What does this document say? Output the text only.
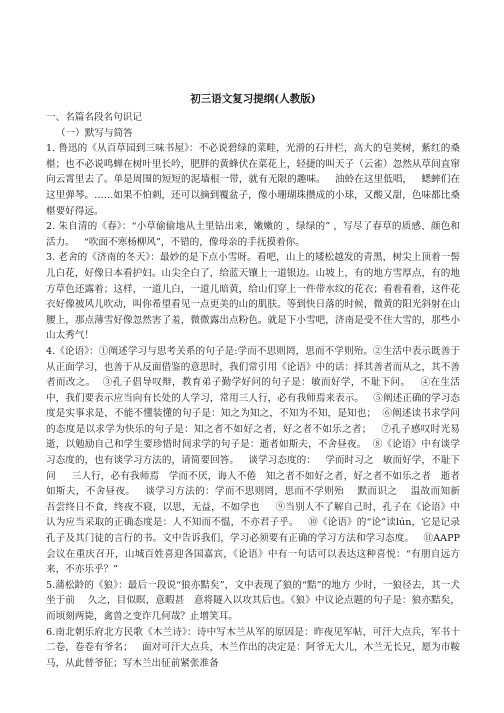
初三语文复习提纲(人教版)
一、名篇名段名句识记
（一）默写与简答

1. 鲁迅的《从百草园到三味书屋》：不必说碧绿的菜畦，光滑的石井栏，高大的皂荚树，紫红的桑椹；也不必说鸣蝉在树叶里长吟，肥胖的黄蜂伏在菜花上，轻捷的叫天子（云雀）忽然从草间直窜向云霄里去了。单是周围的短短的泥墙根一带，就有无限的趣味。   油蛉在这里低唱，   蟋蟀们在这里弹琴。……如果不怕刺，还可以摘到覆盆子，像小珊瑚珠攒成的小球，又酸又甜，色味都比桑椹要好得远。

2. 朱自清的《春》：“小草偷偷地从土里钻出来，嫩嫩的 ，绿绿的” ，写尽了春草的质感、颜色和活力。   “吹面不寒杨柳风”，不错的，像母亲的手抚摸着你。

3. 老舍的《济南的冬天》：最妙的是下点小雪呀。看吧，山上的矮松越发的青黑，树尖上顶着一髻儿白花，好像日本看护妇。山尖全白了，给蓝天镶上一道银边。山坡上，有的地方雪厚点，有的地方草色还露着；这样，一道儿白，一道儿暗黄，给山们穿上一件带水纹的花衣；看着看着，这件花衣好像被风儿吹动，叫你希望看见一点更美的山的肌肤。等到快日落的时候，微黄的阳光斜射在山腰上，那点薄雪好像忽然害了羞，微微露出点粉色。就是下小雪吧，济南是受不住大雪的，那些小山太秀气！

4.《论语》：①阐述学习与思考关系的句子是:学而不思则罔，思而不学则殆。②生活中表示既善于从正面学习，也善于从反面借鉴的意思时，我们常引用《论语》中的话：择其善者而从之，其不善者而改之。  ③孔子倡导叹辩，教育弟子勤学好问的句子是：敏而好学，不耻下问。   ④在生活中，我们要表示应当向有长处的人学习，常用三人行，必有我师焉来表示。   ⑤阐述正确的学习态度是实事求是，不能不懂装懂的句子是：知之为知之，不知为不知，是知也；  ⑥阐述读书求学问的态度是以求学为快乐的句子是：知之者不如好之者，好之者不如乐之者；   ⑦孔子感叹时光易逝，以勉励自己和学生要珍惜时间求学的句子是：逝者如斯夫，不舍昼夜。  ⑧《论语》中有谈学习态度的，也有谈学习方法的，请简要回答。   谈学习态度的：   学而时习之   敏而好学，不耻下问     三人行，必有我师焉   学而不厌，诲人不倦   知之者不如好之者，好之者不如乐之者   逝者如斯夫，不舍昼夜。   谈学习方法的：学而不思则罔，思而不学则殆    默而识之    温故而知新     吾尝终日不食，终夜不寝，以思，无益，不如学也     ⑨当别人不了解自己时，孔子在《论语》中认为应当采取的正确态度是：人不知而不愠，不亦君子乎。   ⑩《论语》的“论”读lún，它是记录孔子及其门徒的言行的书。文中告诉我们，学习必须要有正确的学习方法和学习态度。   ⑪AAPP会议在重庆召开，山城百姓喜迎各国嘉宾，《论语》中有一句话可以表达这种喜悦：“有朋自远方来，不亦乐乎？”

5.蒲松龄的《狼》：最后一段说“狼亦黠矣”，文中表现了狼的“黠”的地方 少时，一狼径去，其一犬坐于前    久之，目似瞑，意暇甚   意将隧入以攻其后也。《狼》中议论点题的句子是：狼亦黠矣，而顷刻两毙，禽兽之变诈几何哉？止增笑耳。

6.南北朝乐府北方民歌《木兰诗》：诗中写木兰从军的原因是：昨夜见军帖，可汗大点兵，军书十二卷，卷卷有爷名；   面对可汗大点兵，木兰作出的决定是：阿爷无大儿，木兰无长兄，愿为市鞍马，从此替爷征；写木兰出征前紧张准备
